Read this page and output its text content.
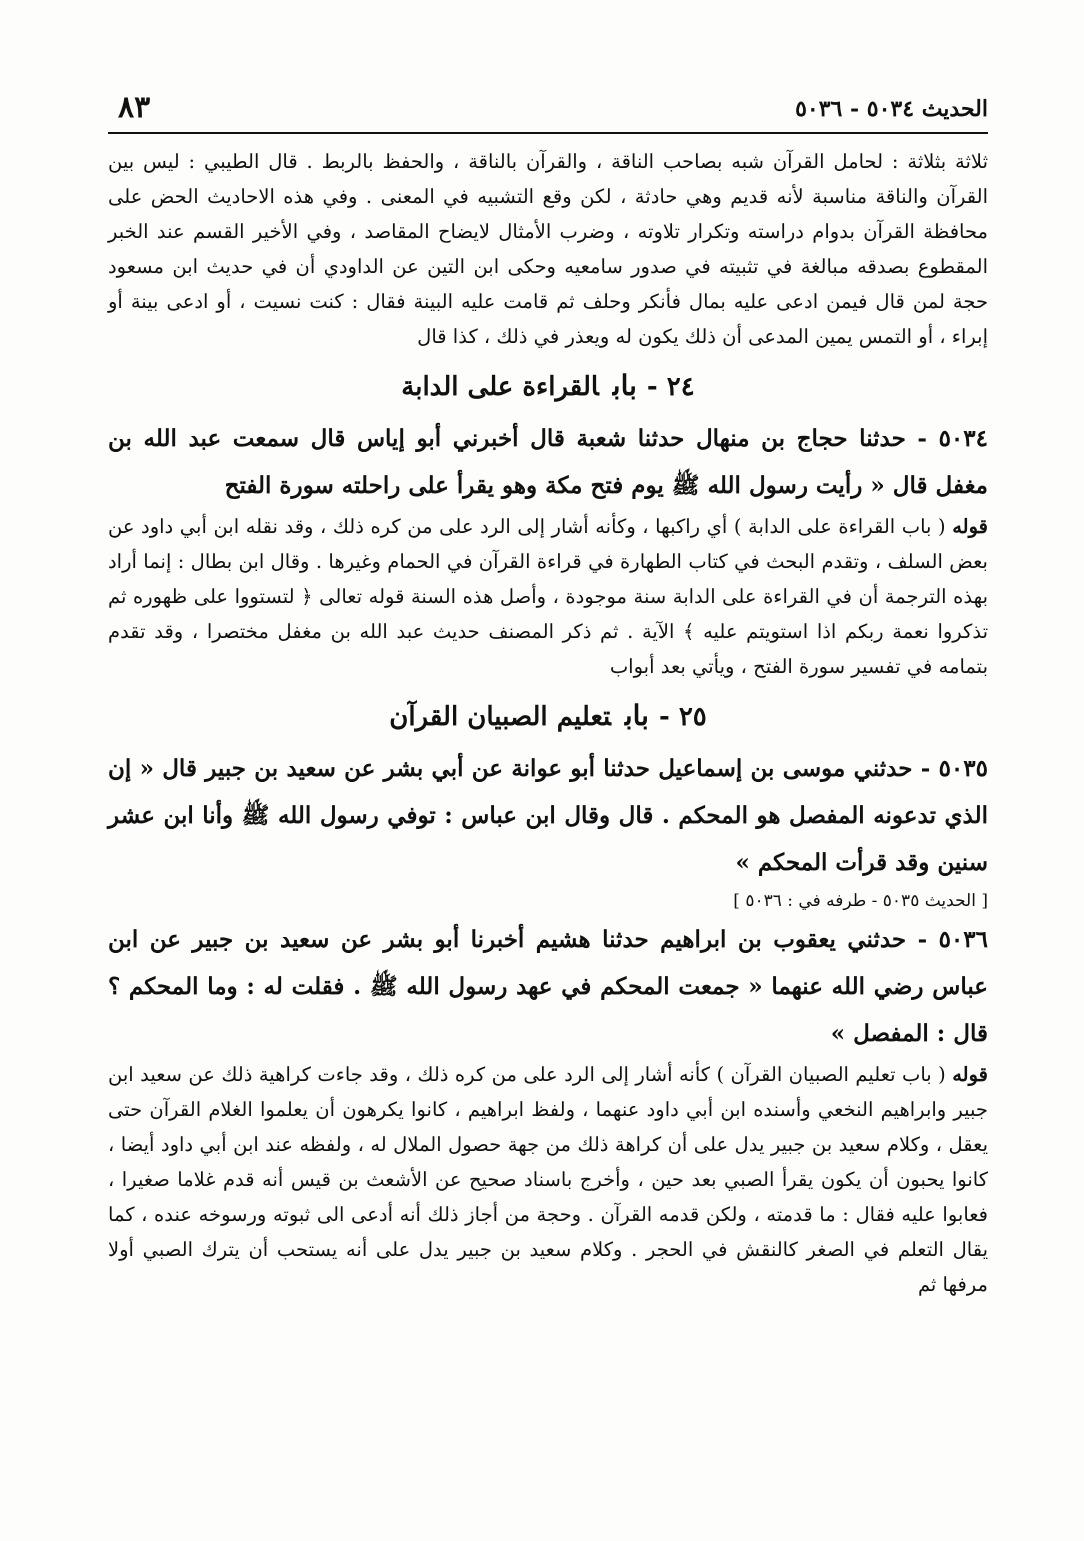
الحديث ٥٠٣٤ - ٥٠٣٦
٨٣

ثلاثة بثلاثة : لحامل القرآن شبه بصاحب الناقة ، والقرآن بالناقة ، والحفظ بالربط . قال الطيبي : ليس بين القرآن والناقة مناسبة لأنه قديم وهي حادثة ، لكن وقع التشبيه في المعنى . وفي هذه الاحاديث الحض على محافظة القرآن بدوام دراسته وتكرار تلاوته ، وضرب الأمثال لايضاح المقاصد ، وفي الأخير القسم عند الخبر المقطوع بصدقه مبالغة في تثبيته في صدور سامعيه وحكى ابن التين عن الداودي أن في حديث ابن مسعود حجة لمن قال فيمن ادعى عليه بمال فأنكر وحلف ثم قامت عليه البينة فقال : كنت نسيت ، أو ادعى بينة أو إبراء ، أو التمس يمين المدعى أن ذلك يكون له ويعذر في ذلك ، كذا قال

٢٤ -بابالقراءة على الدابة

٥٠٣٤ - حدثنا حجاج بن منهال حدثنا شعبة قال أخبرني أبو إياس قال سمعت عبد الله بن مغفل قال « رأيت رسول الله ﷺ يوم فتح مكة وهو يقرأ على راحلته سورة الفتح

قوله ( باب القراءة على الدابة ) أي راكبها ، وكأنه أشار إلى الرد على من كره ذلك ، وقد نقله ابن أبي داود عن بعض السلف ، وتقدم البحث في كتاب الطهارة في قراءة القرآن في الحمام وغيرها . وقال ابن بطال : إنما أراد بهذه الترجمة أن في القراءة على الدابة سنة موجودة ، وأصل هذه السنة قوله تعالى ﴿ لتستووا على ظهوره ثم تذكروا نعمة ربكم اذا استويتم عليه ﴾ الآية . ثم ذكر المصنف حديث عبد الله بن مغفل مختصرا ، وقد تقدم بتمامه في تفسير سورة الفتح ، ويأتي بعد أبواب

٢٥ -بابتعليم الصبيان القرآن

٥٠٣٥ - حدثني موسى بن إسماعيل حدثنا أبو عوانة عن أبي بشر عن سعيد بن جبير قال « إن الذي تدعونه المفصل هو المحكم . قال وقال ابن عباس : توفي رسول الله ﷺ وأنا ابن عشر سنين وقد قرأت المحكم »

[ الحديث ٥٠٣٥ - طرفه في : ٥٠٣٦ ]

٥٠٣٦ - حدثني يعقوب بن ابراهيم حدثنا هشيم أخبرنا أبو بشر عن سعيد بن جبير عن ابن عباس رضي الله عنهما « جمعت المحكم في عهد رسول الله ﷺ . فقلت له : وما المحكم ؟ قال : المفصل »

قوله ( باب تعليم الصبيان القرآن ) كأنه أشار إلى الرد على من كره ذلك ، وقد جاءت كراهية ذلك عن سعيد ابن جبير وابراهيم النخعي وأسنده ابن أبي داود عنهما ، ولفظ ابراهيم ، كانوا يكرهون أن يعلموا الغلام القرآن حتى يعقل ، وكلام سعيد بن جبير يدل على أن كراهة ذلك من جهة حصول الملال له ، ولفظه عند ابن أبي داود أيضا ، كانوا يحبون أن يكون يقرأ الصبي بعد حين ، وأخرج باسناد صحيح عن الأشعث بن قيس أنه قدم غلاما صغيرا ، فعابوا عليه فقال : ما قدمته ، ولكن قدمه القرآن . وحجة من أجاز ذلك أنه أدعى الى ثبوته ورسوخه عنده ، كما يقال التعلم في الصغر كالنقش في الحجر . وكلام سعيد بن جبير يدل على أنه يستحب أن يترك الصبي أولا مرفها ثم
